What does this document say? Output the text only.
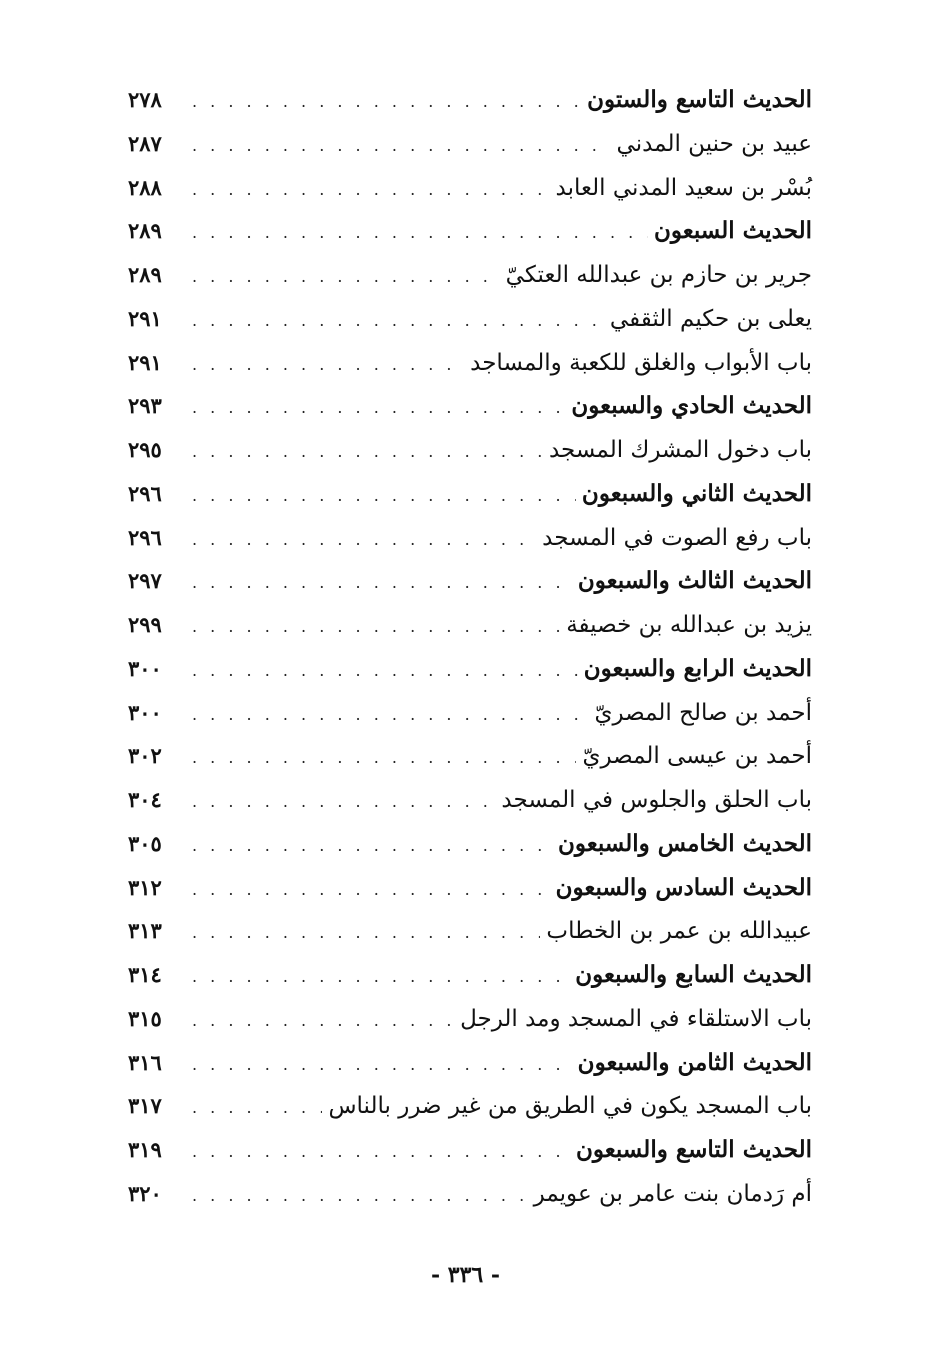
الحديث التاسع والستون
. . .
٢٧٨
عبيد بن حنين المدني
. . .
٢٨٧
بُسْر بن سعيد المدني العابد
. . .
٢٨٨
الحديث السبعون
. . .
٢٨٩
جرير بن حازم بن عبدالله العتكيّ
. . .
٢٨٩
يعلى بن حكيم الثقفي
. . .
٢٩١
باب الأبواب والغلق للكعبة والمساجد
. . .
٢٩١
الحديث الحادي والسبعون
. . .
٢٩٣
باب دخول المشرك المسجد
. . .
٢٩٥
الحديث الثاني والسبعون
. . .
٢٩٦
باب رفع الصوت في المسجد
. . .
٢٩٦
الحديث الثالث والسبعون
. . .
٢٩٧
يزيد بن عبدالله بن خصيفة
. . .
٢٩٩
الحديث الرابع والسبعون
. . .
٣٠٠
أحمد بن صالح المصريّ
. . .
٣٠٠
أحمد بن عيسى المصريّ
. . .
٣٠٢
باب الحلق والجلوس في المسجد
. . .
٣٠٤
الحديث الخامس والسبعون
. . .
٣٠٥
الحديث السادس والسبعون
. . .
٣١٢
عبيدالله بن عمر بن الخطاب
. . .
٣١٣
الحديث السابع والسبعون
. . .
٣١٤
باب الاستلقاء في المسجد ومد الرجل
. . .
٣١٥
الحديث الثامن والسبعون
. . .
٣١٦
باب المسجد يكون في الطريق من غير ضرر بالناس
. . .
٣١٧
الحديث التاسع والسبعون
. . .
٣١٩
أم رَدمان بنت عامر بن عويمر
. . .
٣٢٠
- ٣٣٦ -
